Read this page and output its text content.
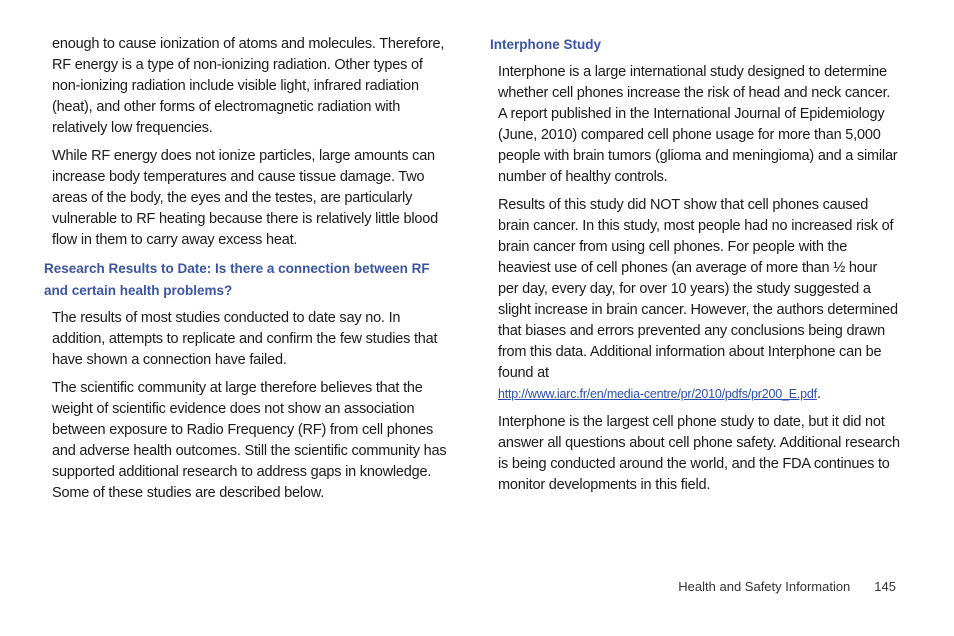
enough to cause ionization of atoms and molecules. Therefore, RF energy is a type of non-ionizing radiation. Other types of non-ionizing radiation include visible light, infrared radiation (heat), and other forms of electromagnetic radiation with relatively low frequencies.

While RF energy does not ionize particles, large amounts can increase body temperatures and cause tissue damage. Two areas of the body, the eyes and the testes, are particularly vulnerable to RF heating because there is relatively little blood flow in them to carry away excess heat.

Research Results to Date: Is there a connection between RF and certain health problems?

The results of most studies conducted to date say no. In addition, attempts to replicate and confirm the few studies that have shown a connection have failed.

The scientific community at large therefore believes that the weight of scientific evidence does not show an association between exposure to Radio Frequency (RF) from cell phones and adverse health outcomes. Still the scientific community has supported additional research to address gaps in knowledge. Some of these studies are described below.

Interphone Study

Interphone is a large international study designed to determine whether cell phones increase the risk of head and neck cancer. A report published in the International Journal of Epidemiology (June, 2010) compared cell phone usage for more than 5,000 people with brain tumors (glioma and meningioma) and a similar number of healthy controls.

Results of this study did NOT show that cell phones caused brain cancer. In this study, most people had no increased risk of brain cancer from using cell phones. For people with the heaviest use of cell phones (an average of more than ½ hour per day, every day, for over 10 years) the study suggested a slight increase in brain cancer. However, the authors determined that biases and errors prevented any conclusions being drawn from this data. Additional information about Interphone can be found at
http://www.iarc.fr/en/media-centre/pr/2010/pdfs/pr200_E.pdf.

Interphone is the largest cell phone study to date, but it did not answer all questions about cell phone safety. Additional research is being conducted around the world, and the FDA continues to monitor developments in this field.

Health and Safety Information 145
